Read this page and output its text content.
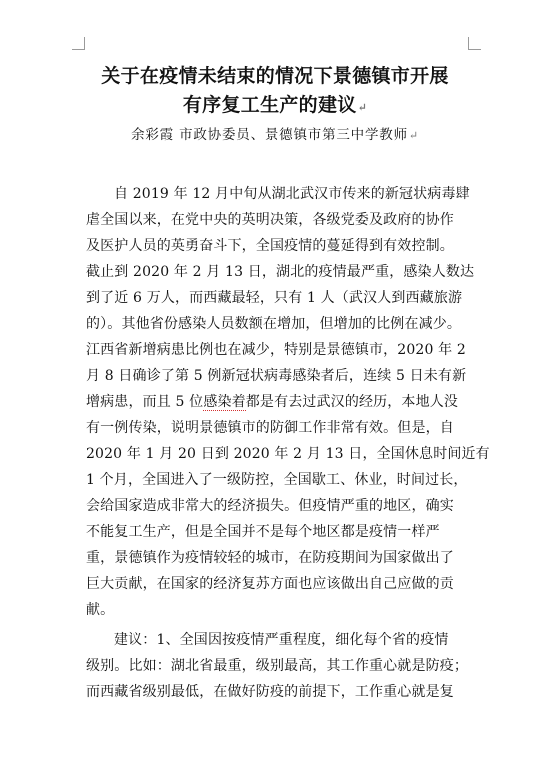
关于在疫情未结束的情况下景德镇市开展
有序复工生产的建议↵
余彩霞 市政协委员、景德镇市第三中学教师↵
自 2019 年 12 月中旬从湖北武汉市传来的新冠状病毒肆
虐全国以来，在党中央的英明决策，各级党委及政府的协作
及医护人员的英勇奋斗下，全国疫情的蔓延得到有效控制。
截止到 2020 年 2 月 13 日，湖北的疫情最严重，感染人数达
到了近 6 万人，而西藏最轻，只有 1 人（武汉人到西藏旅游
的）。其他省份感染人员数额在增加，但增加的比例在减少。
江西省新增病患比例也在减少，特别是景德镇市，2020 年 2
月 8 日确诊了第 5 例新冠状病毒感染者后，连续 5 日未有新
增病患，而且 5 位感染着都是有去过武汉的经历，本地人没
有一例传染，说明景德镇市的防御工作非常有效。但是，自
2020 年 1 月 20 日到 2020 年 2 月 13 日，全国休息时间近有
1 个月，全国进入了一级防控，全国歇工、休业，时间过长，
会给国家造成非常大的经济损失。但疫情严重的地区，确实
不能复工生产，但是全国并不是每个地区都是疫情一样严
重，景德镇作为疫情较轻的城市，在防疫期间为国家做出了
巨大贡献，在国家的经济复苏方面也应该做出自己应做的贡
献。
建议：1、全国因按疫情严重程度，细化每个省的疫情
级别。比如：湖北省最重，级别最高，其工作重心就是防疫；
而西藏省级别最低，在做好防疫的前提下，工作重心就是复
